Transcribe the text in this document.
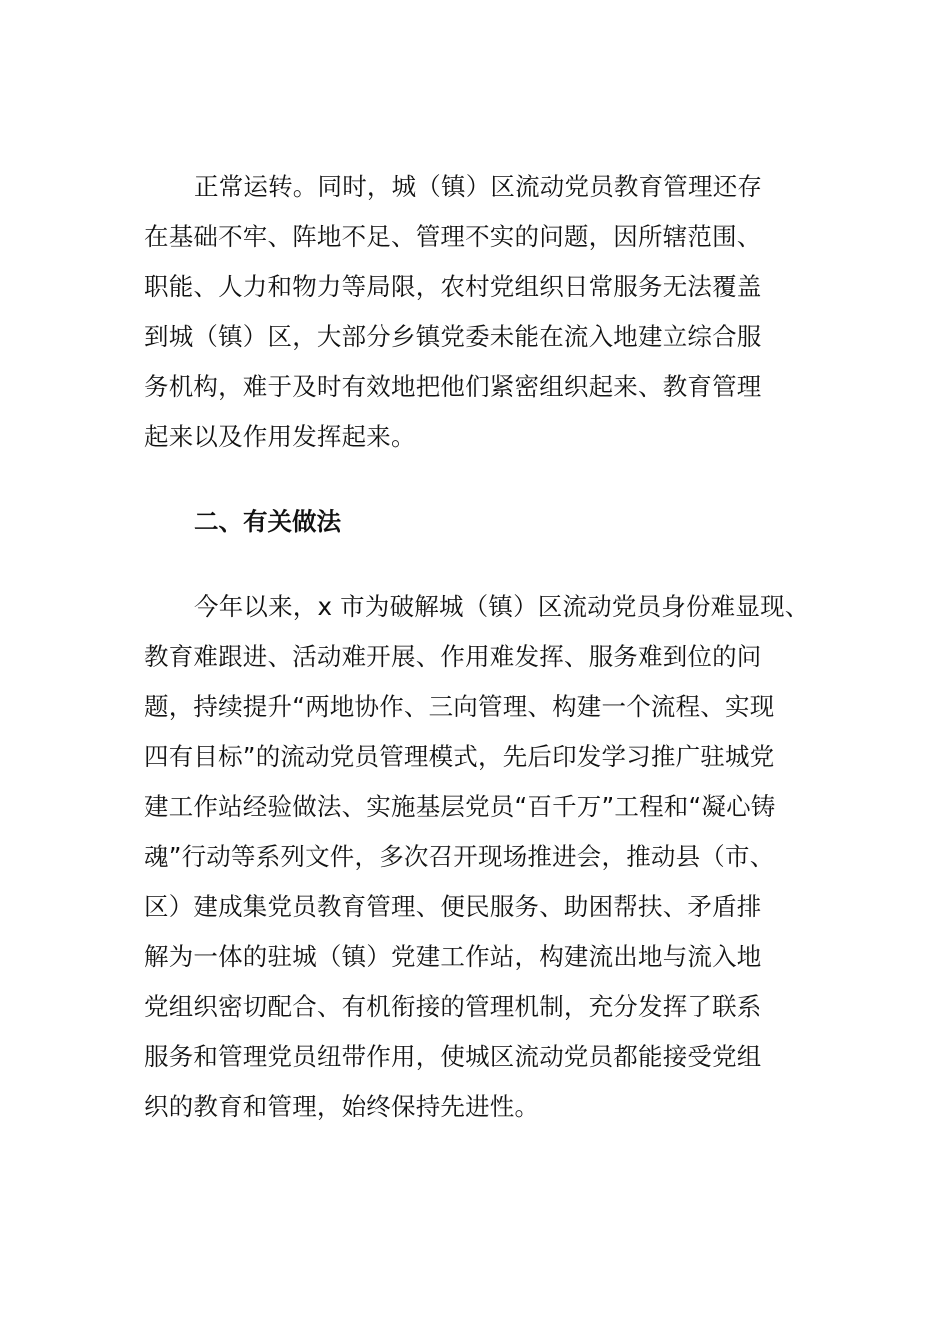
正常运转。同时，城（镇）区流动党员教育管理还存
在基础不牢、阵地不足、管理不实的问题，因所辖范围、
职能、人力和物力等局限，农村党组织日常服务无法覆盖
到城（镇）区，大部分乡镇党委未能在流入地建立综合服
务机构，难于及时有效地把他们紧密组织起来、教育管理
起来以及作用发挥起来。
二、有关做法
今年以来，x 市为破解城（镇）区流动党员身份难显现、
教育难跟进、活动难开展、作用难发挥、服务难到位的问
题，持续提升“两地协作、三向管理、构建一个流程、实现
四有目标”的流动党员管理模式，先后印发学习推广驻城党
建工作站经验做法、实施基层党员“百千万”工程和“凝心铸
魂”行动等系列文件，多次召开现场推进会，推动县（市、
区）建成集党员教育管理、便民服务、助困帮扶、矛盾排
解为一体的驻城（镇）党建工作站，构建流出地与流入地
党组织密切配合、有机衔接的管理机制，充分发挥了联系
服务和管理党员纽带作用，使城区流动党员都能接受党组
织的教育和管理，始终保持先进性。
